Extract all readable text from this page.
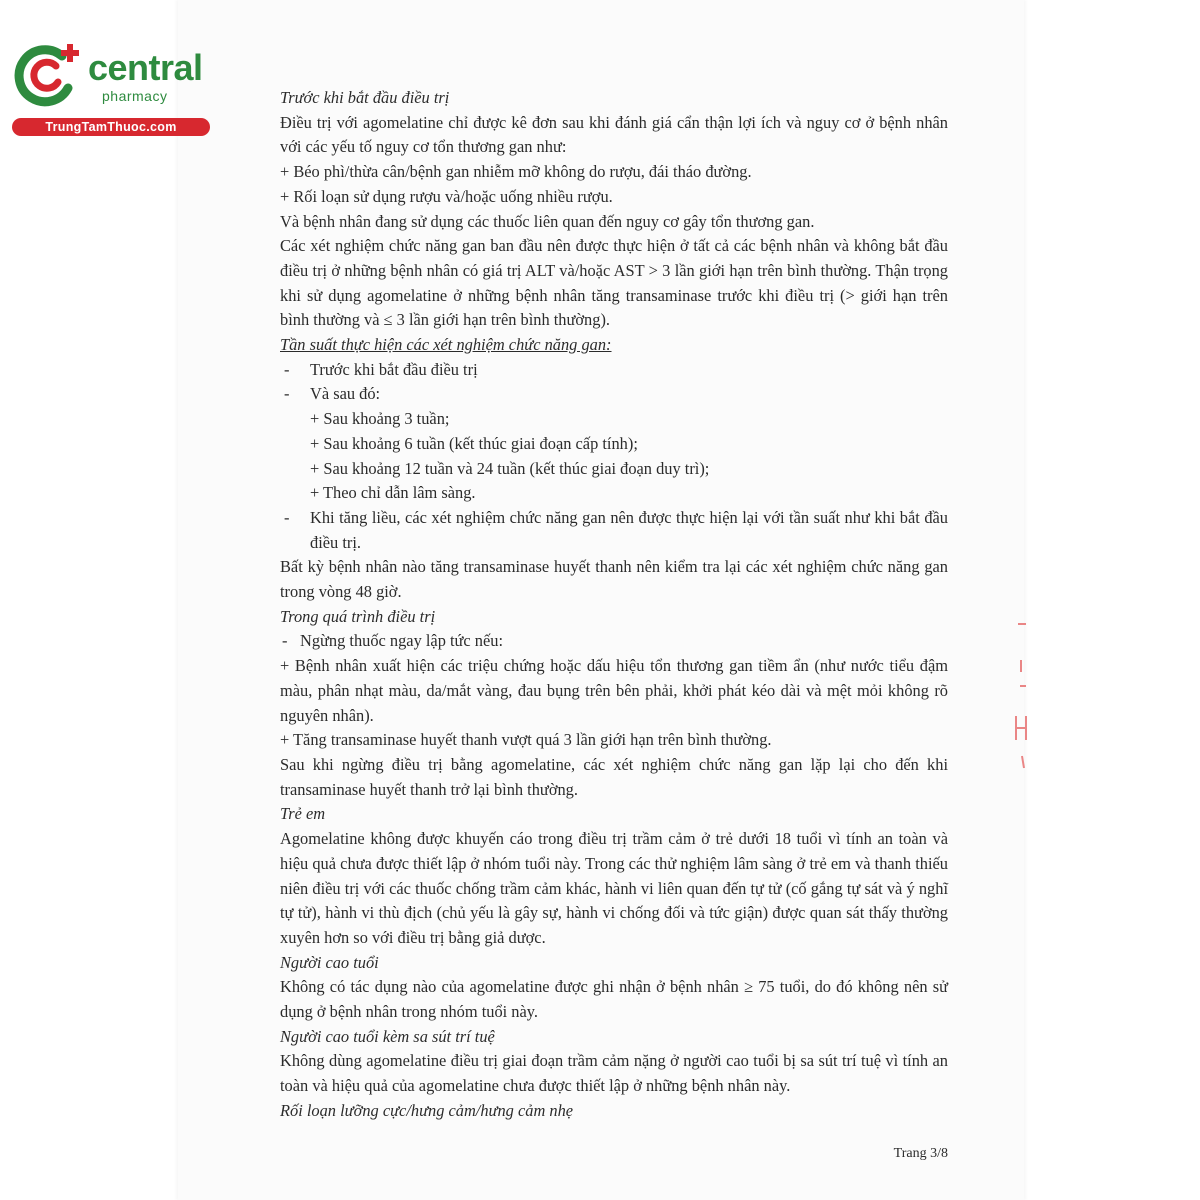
central
pharmacy
TrungTamThuoc.com

Trước khi bắt đầu điều trị

Điều trị với agomelatine chỉ được kê đơn sau khi đánh giá cẩn thận lợi ích và nguy cơ ở bệnh nhân với các yếu tố nguy cơ tổn thương gan như:

+ Béo phì/thừa cân/bệnh gan nhiễm mỡ không do rượu, đái tháo đường.

+ Rối loạn sử dụng rượu và/hoặc uống nhiều rượu.

Và bệnh nhân đang sử dụng các thuốc liên quan đến nguy cơ gây tổn thương gan.

Các xét nghiệm chức năng gan ban đầu nên được thực hiện ở tất cả các bệnh nhân và không bắt đầu điều trị ở những bệnh nhân có giá trị ALT và/hoặc AST > 3 lần giới hạn trên bình thường. Thận trọng khi sử dụng agomelatine ở những bệnh nhân tăng transaminase trước khi điều trị (> giới hạn trên bình thường và ≤ 3 lần giới hạn trên bình thường).

Tần suất thực hiện các xét nghiệm chức năng gan:

- Trước khi bắt đầu điều trị

- Và sau đó:

+ Sau khoảng 3 tuần;

+ Sau khoảng 6 tuần (kết thúc giai đoạn cấp tính);

+ Sau khoảng 12 tuần và 24 tuần (kết thúc giai đoạn duy trì);

+ Theo chỉ dẫn lâm sàng.

- Khi tăng liều, các xét nghiệm chức năng gan nên được thực hiện lại với tần suất như khi bắt đầu điều trị.

Bất kỳ bệnh nhân nào tăng transaminase huyết thanh nên kiểm tra lại các xét nghiệm chức năng gan trong vòng 48 giờ.

Trong quá trình điều trị

- Ngừng thuốc ngay lập tức nếu:

+ Bệnh nhân xuất hiện các triệu chứng hoặc dấu hiệu tổn thương gan tiềm ẩn (như nước tiểu đậm màu, phân nhạt màu, da/mắt vàng, đau bụng trên bên phải, khởi phát kéo dài và mệt mỏi không rõ nguyên nhân).

+ Tăng transaminase huyết thanh vượt quá 3 lần giới hạn trên bình thường.

Sau khi ngừng điều trị bằng agomelatine, các xét nghiệm chức năng gan lặp lại cho đến khi transaminase huyết thanh trở lại bình thường.

Trẻ em

Agomelatine không được khuyến cáo trong điều trị trầm cảm ở trẻ dưới 18 tuổi vì tính an toàn và hiệu quả chưa được thiết lập ở nhóm tuổi này. Trong các thử nghiệm lâm sàng ở trẻ em và thanh thiếu niên điều trị với các thuốc chống trầm cảm khác, hành vi liên quan đến tự tử (cố gắng tự sát và ý nghĩ tự tử), hành vi thù địch (chủ yếu là gây sự, hành vi chống đối và tức giận) được quan sát thấy thường xuyên hơn so với điều trị bằng giả dược.

Người cao tuổi

Không có tác dụng nào của agomelatine được ghi nhận ở bệnh nhân ≥ 75 tuổi, do đó không nên sử dụng ở bệnh nhân trong nhóm tuổi này.

Người cao tuổi kèm sa sút trí tuệ

Không dùng agomelatine điều trị giai đoạn trầm cảm nặng ở người cao tuổi bị sa sút trí tuệ vì tính an toàn và hiệu quả của agomelatine chưa được thiết lập ở những bệnh nhân này.

Rối loạn lưỡng cực/hưng cảm/hưng cảm nhẹ

Trang 3/8
